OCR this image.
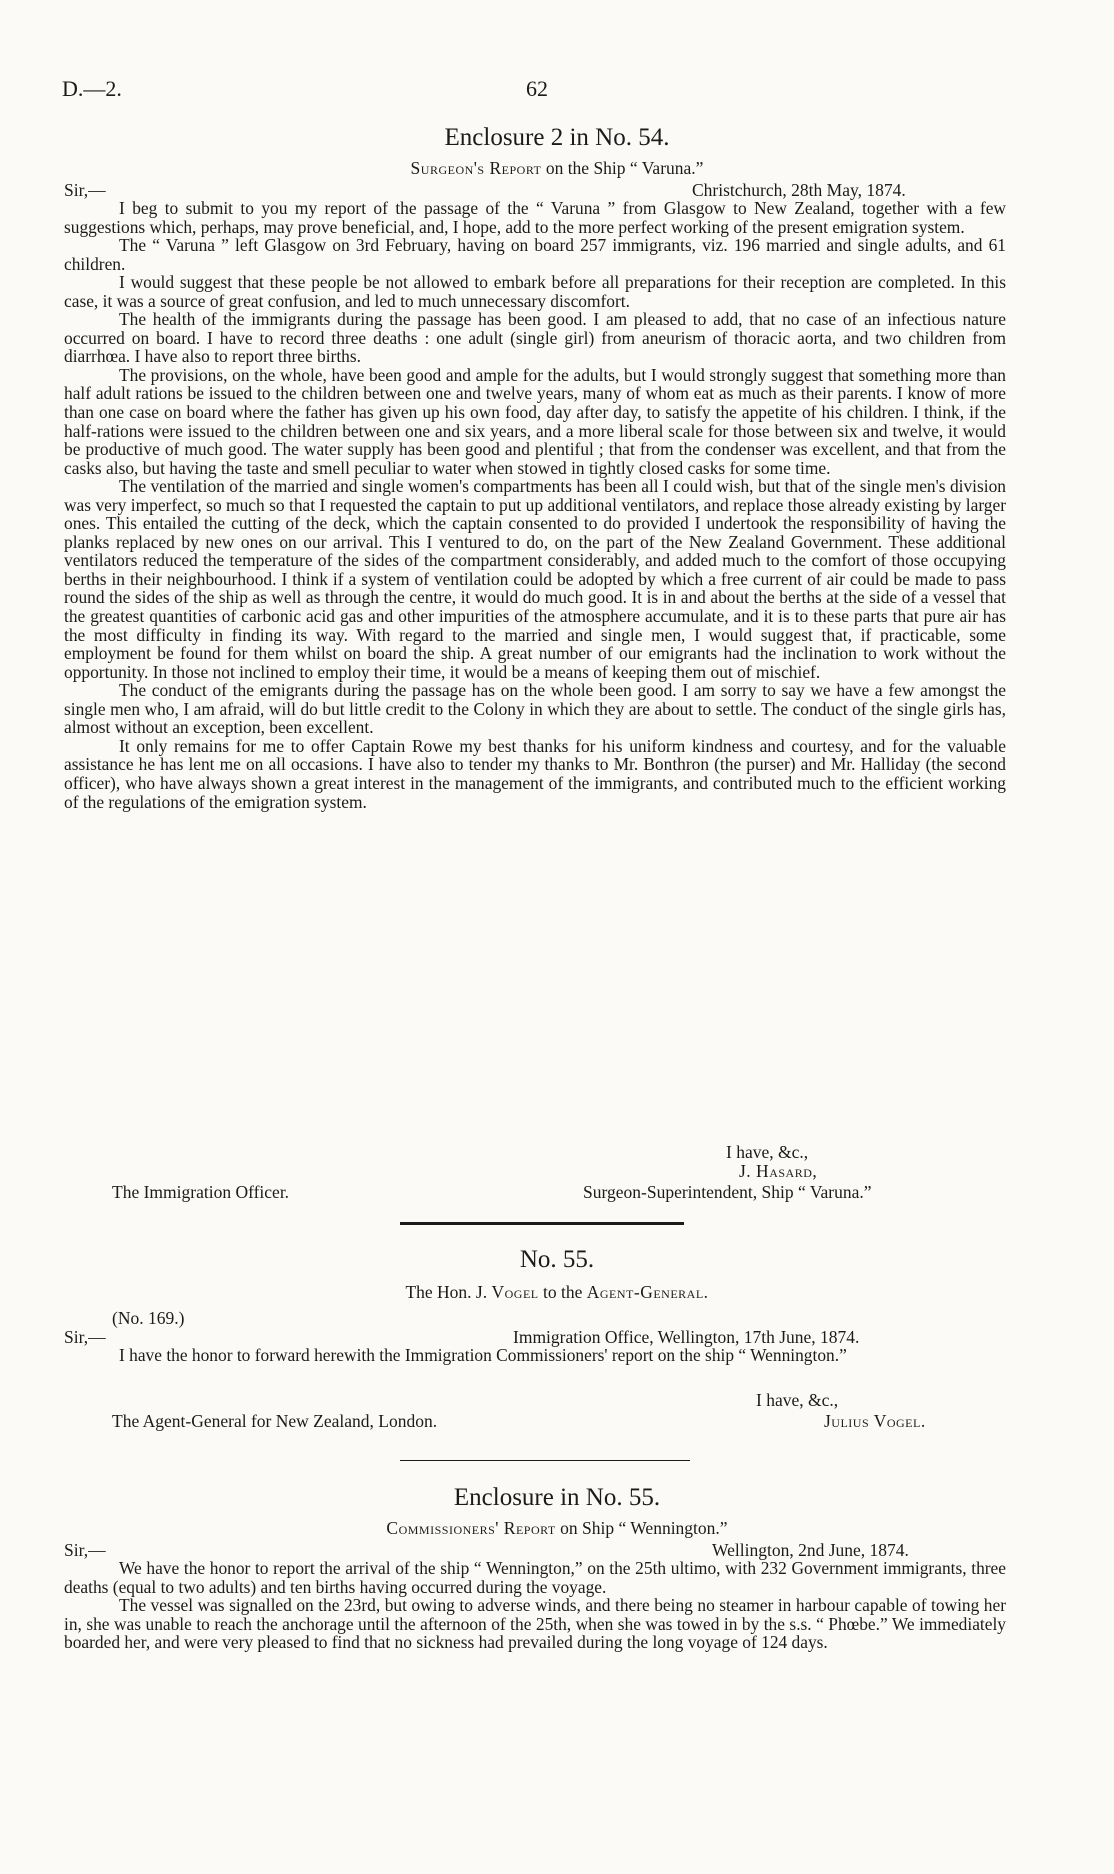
D.—2.	62
Enclosure 2 in No. 54.
Surgeon's Report on the Ship “ Varuna.”
Sir,—	Christchurch, 28th May, 1874.

I beg to submit to you my report of the passage of the “ Varuna ” from Glasgow to New Zealand, together with a few suggestions which, perhaps, may prove beneficial, and, I hope, add to the more perfect working of the present emigration system.

The “ Varuna ” left Glasgow on 3rd February, having on board 257 immigrants, viz. 196 married and single adults, and 61 children.

I would suggest that these people be not allowed to embark before all preparations for their reception are completed. In this case, it was a source of great confusion, and led to much unnecessary discomfort.

The health of the immigrants during the passage has been good. I am pleased to add, that no case of an infectious nature occurred on board. I have to record three deaths : one adult (single girl) from aneurism of thoracic aorta, and two children from diarrhœa. I have also to report three births.

The provisions, on the whole, have been good and ample for the adults, but I would strongly suggest that something more than half adult rations be issued to the children between one and twelve years, many of whom eat as much as their parents. I know of more than one case on board where the father has given up his own food, day after day, to satisfy the appetite of his children. I think, if the half-rations were issued to the children between one and six years, and a more liberal scale for those between six and twelve, it would be productive of much good. The water supply has been good and plentiful ; that from the condenser was excellent, and that from the casks also, but having the taste and smell peculiar to water when stowed in tightly closed casks for some time.

The ventilation of the married and single women's compartments has been all I could wish, but that of the single men's division was very imperfect, so much so that I requested the captain to put up additional ventilators, and replace those already existing by larger ones. This entailed the cutting of the deck, which the captain consented to do provided I undertook the responsibility of having the planks replaced by new ones on our arrival. This I ventured to do, on the part of the New Zealand Government. These additional ventilators reduced the temperature of the sides of the compartment considerably, and added much to the comfort of those occupying berths in their neighbourhood. I think if a system of ventilation could be adopted by which a free current of air could be made to pass round the sides of the ship as well as through the centre, it would do much good. It is in and about the berths at the side of a vessel that the greatest quantities of carbonic acid gas and other impurities of the atmosphere accumulate, and it is to these parts that pure air has the most difficulty in finding its way. With regard to the married and single men, I would suggest that, if practicable, some employment be found for them whilst on board the ship. A great number of our emigrants had the inclination to work without the opportunity. In those not inclined to employ their time, it would be a means of keeping them out of mischief.

The conduct of the emigrants during the passage has on the whole been good. I am sorry to say we have a few amongst the single men who, I am afraid, will do but little credit to the Colony in which they are about to settle. The conduct of the single girls has, almost without an exception, been excellent.

It only remains for me to offer Captain Rowe my best thanks for his uniform kindness and courtesy, and for the valuable assistance he has lent me on all occasions. I have also to tender my thanks to Mr. Bonthron (the purser) and Mr. Halliday (the second officer), who have always shown a great interest in the management of the immigrants, and contributed much to the efficient working of the regulations of the emigration system.

I have, &c.,
J. Hasard,
The Immigration Officer.	Surgeon-Superintendent, Ship “ Varuna.”
No. 55.
The Hon. J. Vogel to the Agent-General.
(No. 169.)
Sir,—	Immigration Office, Wellington, 17th June, 1874.

I have the honor to forward herewith the Immigration Commissioners' report on the ship “ Wennington.”

I have, &c.,
The Agent-General for New Zealand, London.	Julius Vogel.
Enclosure in No. 55.
Commissioners' Report on Ship “ Wennington.”
Sir,—	Wellington, 2nd June, 1874.

We have the honor to report the arrival of the ship “ Wennington,” on the 25th ultimo, with 232 Government immigrants, three deaths (equal to two adults) and ten births having occurred during the voyage.

The vessel was signalled on the 23rd, but owing to adverse winds, and there being no steamer in harbour capable of towing her in, she was unable to reach the anchorage until the afternoon of the 25th, when she was towed in by the s.s. “ Phœbe.” We immediately boarded her, and were very pleased to find that no sickness had prevailed during the long voyage of 124 days.
